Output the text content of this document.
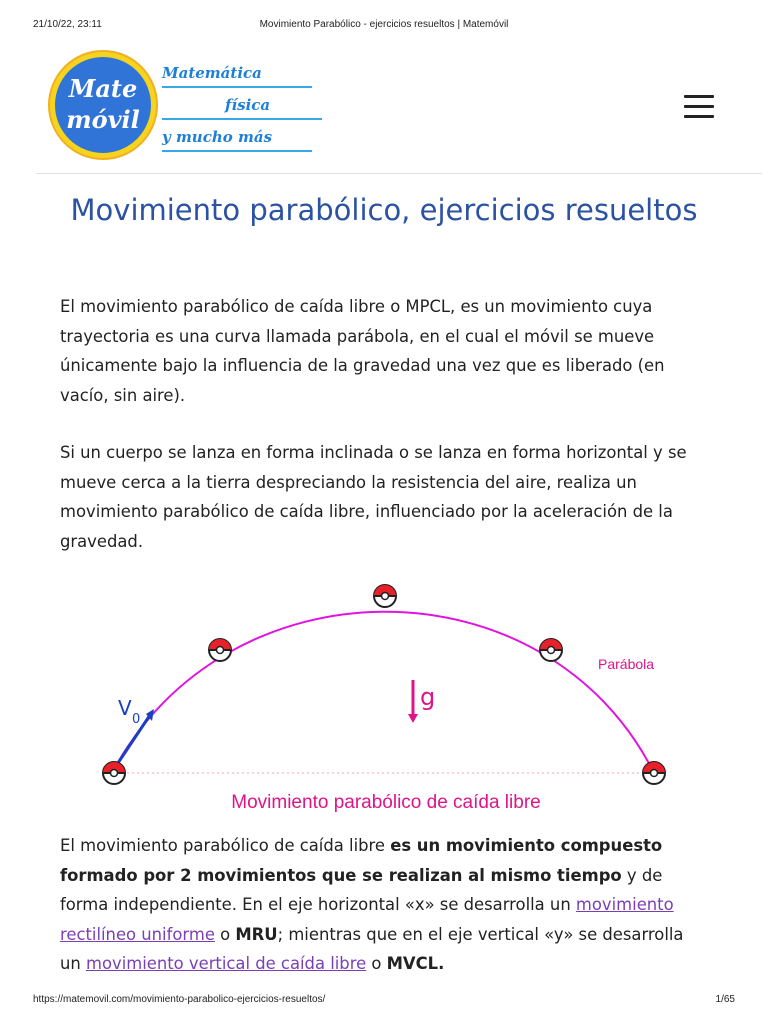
21/10/22, 23:11	Movimiento Parabólico - ejercicios resueltos | Matemóvil
Mate
móvil
Matemática
física
y mucho más
Movimiento parabólico, ejercicios resueltos

El movimiento parabólico de caída libre o MPCL, es un movimiento cuya trayectoria es una curva llamada parábola, en el cual el móvil se mueve únicamente bajo la influencia de la gravedad una vez que es liberado (en vacío, sin aire).

Si un cuerpo se lanza en forma inclinada o se lanza en forma horizontal y se mueve cerca a la tierra despreciando la resistencia del aire, realiza un movimiento parabólico de caída libre, influenciado por la aceleración de la gravedad.

V 0
g
Parábola
Movimiento parabólico de caída libre

El movimiento parabólico de caída libre es un movimiento compuesto formado por 2 movimientos que se realizan al mismo tiempo y de forma independiente. En el eje horizontal «x» se desarrolla un movimiento rectilíneo uniforme o MRU; mientras que en el eje vertical «y» se desarrolla un movimiento vertical de caída libre o MVCL.

https://matemovil.com/movimiento-parabolico-ejercicios-resueltos/	1/65
